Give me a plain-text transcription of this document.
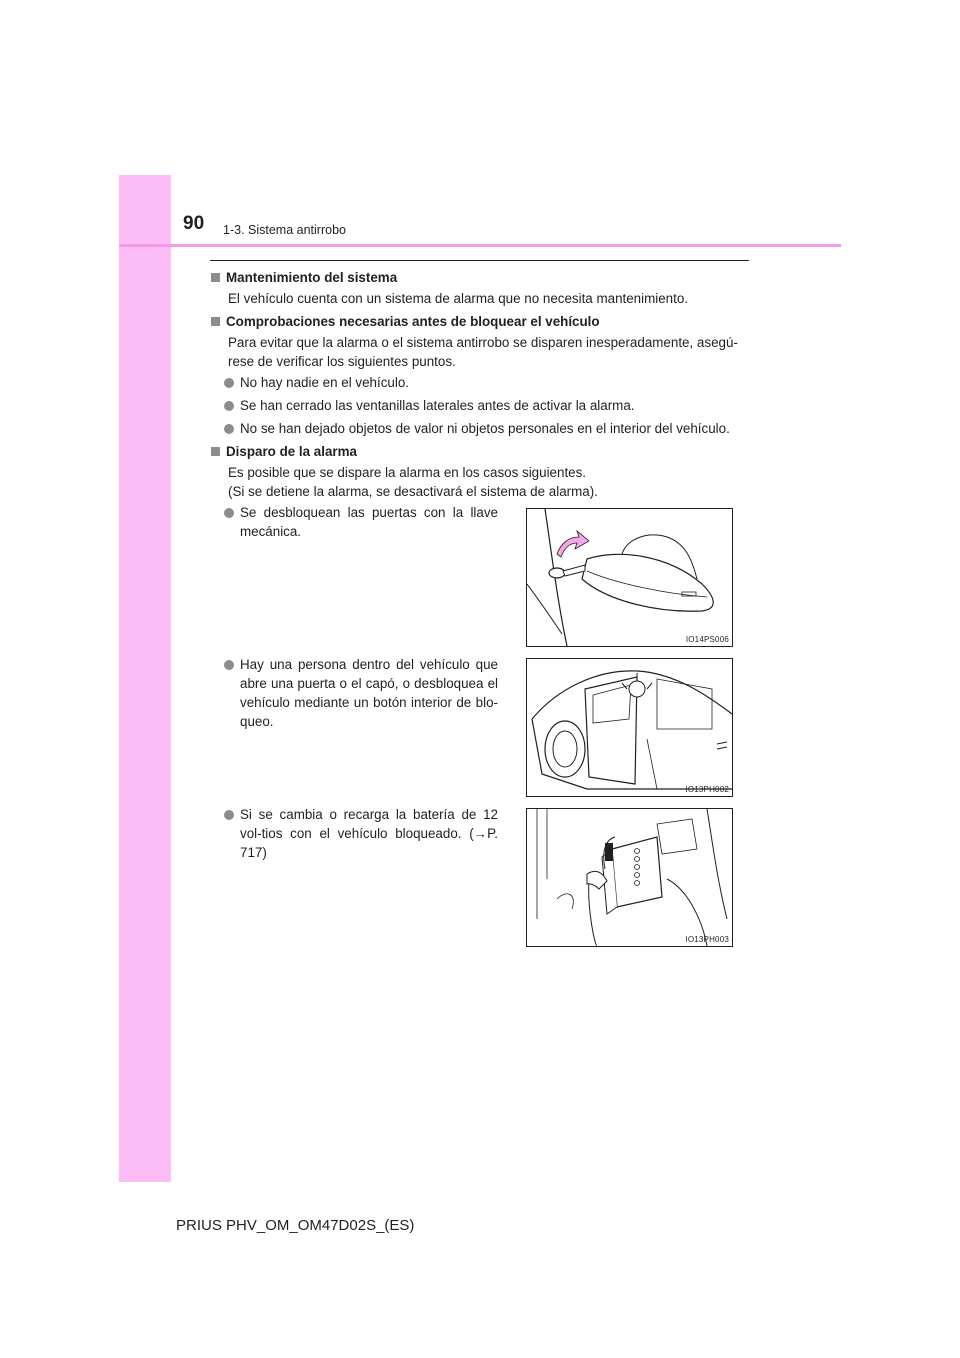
90 1-3. Sistema antirrobo
Mantenimiento del sistema
El vehículo cuenta con un sistema de alarma que no necesita mantenimiento.
Comprobaciones necesarias antes de bloquear el vehículo
Para evitar que la alarma o el sistema antirrobo se disparen inesperadamente, asegú-
rese de verificar los siguientes puntos.
No hay nadie en el vehículo.
Se han cerrado las ventanillas laterales antes de activar la alarma.
No se han dejado objetos de valor ni objetos personales en el interior del vehículo.
Disparo de la alarma
Es posible que se dispare la alarma en los casos siguientes.
(Si se detiene la alarma, se desactivará el sistema de alarma).
Se desbloquean las puertas con la llave mecánica.
IO14PS006
Hay una persona dentro del vehículo que abre una puerta o el capó, o desbloquea el vehículo mediante un botón interior de blo-queo.
IO13PH002
Si se cambia o recarga la batería de 12 vol-tios con el vehículo bloqueado. (→P. 717)
IO13PH003
PRIUS PHV_OM_OM47D02S_(ES)
